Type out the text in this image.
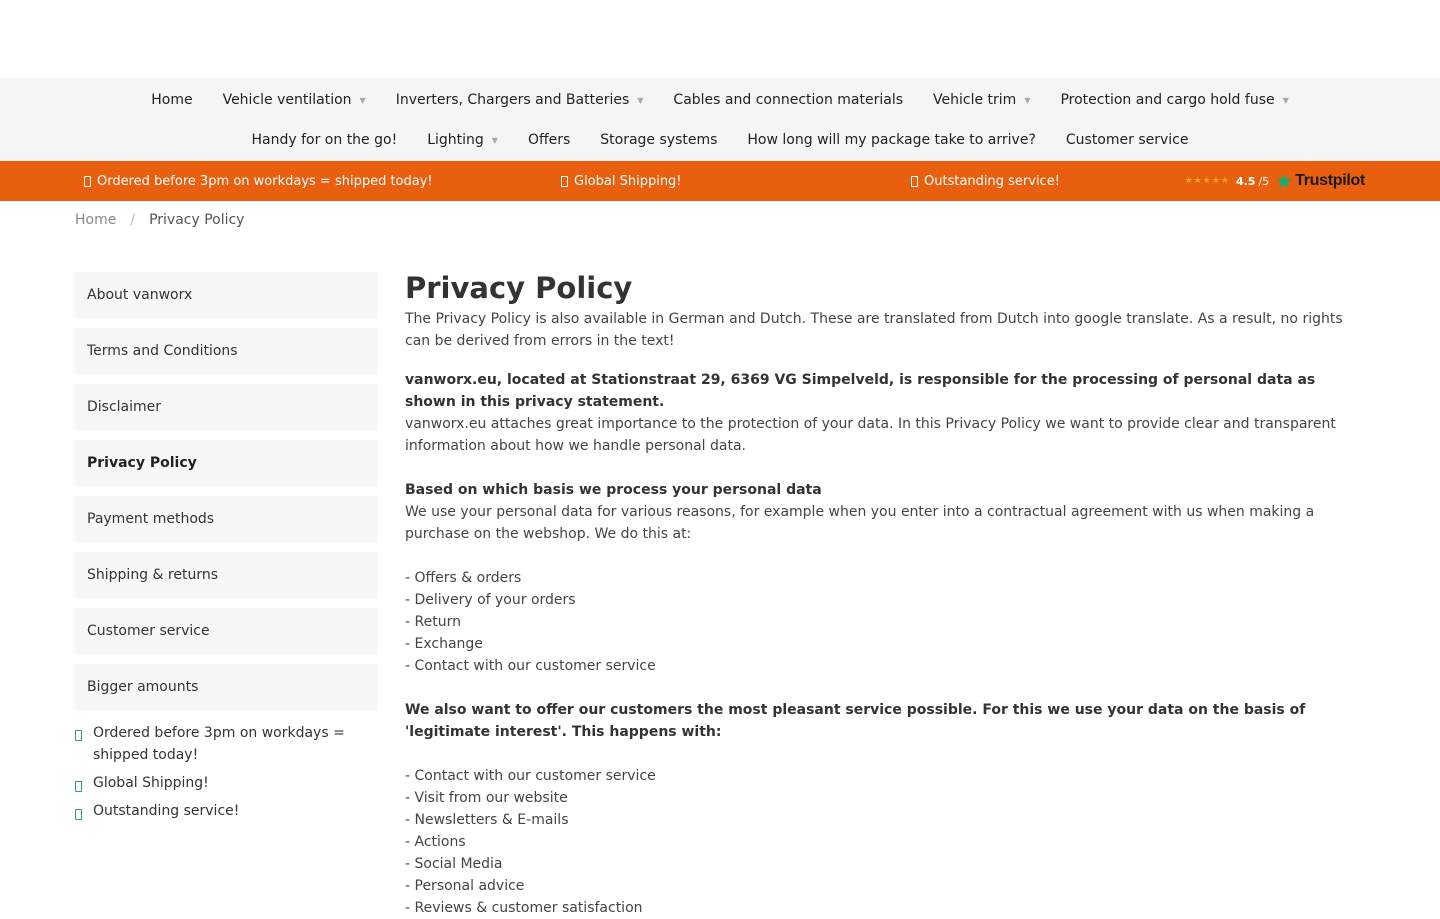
Home Vehicle ventilation ▼ Inverters, Chargers and Batteries ▼ Cables and connection materials Vehicle trim ▼ Protection and cargo hold fuse ▼
Handy for on the go! Lighting ▼ Offers Storage systems How long will my package take to arrive? Customer service
Ordered before 3pm on workdays = shipped today!	Global Shipping!	Outstanding service!	★★★★★ 4.5 /5 ★ Trustpilot
Home / Privacy Policy
About vanworx
Terms and Conditions
Disclaimer
Privacy Policy
Payment methods
Shipping & returns
Customer service
Bigger amounts
Ordered before 3pm on workdays = shipped today!
Global Shipping!
Outstanding service!
Privacy Policy

The Privacy Policy is also available in German and Dutch. These are translated from Dutch into google translate. As a result, no rights can be derived from errors in the text!

vanworx.eu, located at Stationstraat 29, 6369 VG Simpelveld, is responsible for the processing of personal data as shown in this privacy statement.

vanworx.eu attaches great importance to the protection of your data. In this Privacy Policy we want to provide clear and transparent information about how we handle personal data.

Based on which basis we process your personal data

We use your personal data for various reasons, for example when you enter into a contractual agreement with us when making a purchase on the webshop. We do this at:

- Offers & orders
- Delivery of your orders
- Return
- Exchange
- Contact with our customer service

We also want to offer our customers the most pleasant service possible. For this we use your data on the basis of 'legitimate interest'. This happens with:

- Contact with our customer service
- Visit from our website
- Newsletters & E-mails
- Actions
- Social Media
- Personal advice
- Reviews & customer satisfaction
